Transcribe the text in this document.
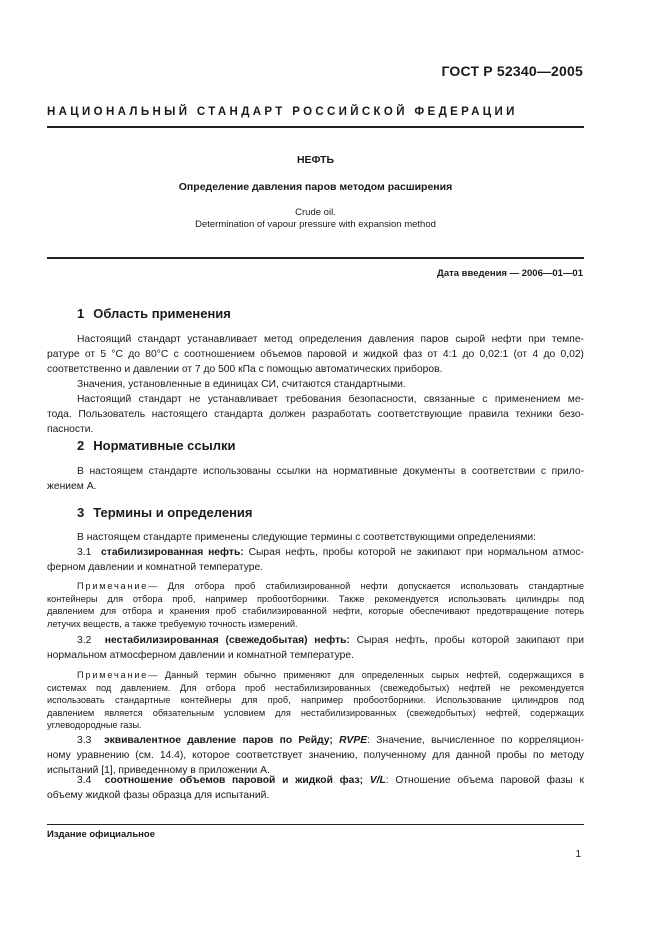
ГОСТ Р 52340—2005
НАЦИОНАЛЬНЫЙ СТАНДАРТ РОССИЙСКОЙ ФЕДЕРАЦИИ
НЕФТЬ
Определение давления паров методом расширения
Crude oil.
Determination of vapour pressure with expansion method
Дата введения — 2006—01—01
1 Область применения
Настоящий стандарт устанавливает метод определения давления паров сырой нефти при темпе-
ратуре от 5 °С до 80°С с соотношением объемов паровой и жидкой фаз от 4:1 до 0,02:1 (от 4 до 0,02)
соответственно и давлении от 7 до 500 кПа с помощью автоматических приборов.
Значения, установленные в единицах СИ, считаются стандартными.
Настоящий стандарт не устанавливает требования безопасности, связанные с применением ме-
тода. Пользователь настоящего стандарта должен разработать соответствующие правила техники безо-
пасности.
2 Нормативные ссылки
В настоящем стандарте использованы ссылки на нормативные документы в соответствии с прило-
жением А.
3 Термины и определения
В настоящем стандарте применены следующие термины с соответствующими определениями:
3.1 стабилизированная нефть: Сырая нефть, пробы которой не закипают при нормальном атмос-
ферном давлении и комнатной температуре.
Примечание— Для отбора проб стабилизированной нефти допускается использовать стандартные
контейнеры для отбора проб, например пробоотборники. Также рекомендуется использовать цилиндры под
давлением для отбора и хранения проб стабилизированной нефти, которые обеспечивают предотвращение потерь
летучих веществ, а также требуемую точность измерений.
3.2 нестабилизированная (свежедобытая) нефть: Сырая нефть, пробы которой закипают при
нормальном атмосферном давлении и комнатной температуре.
Примечание— Данный термин обычно применяют для определенных сырых нефтей, содержащихся в
системах под давлением. Для отбора проб нестабилизированных (свежедобытых) нефтей не рекомендуется
использовать стандартные контейнеры для проб, например пробоотборники. Использование цилиндров под
давлением является обязательным условием для нестабилизированных (свежедобытых) нефтей, содержащих
углеводородные газы.
3.3 эквивалентное давление паров по Рейду; RVPE: Значение, вычисленное по корреляцион-
ному уравнению (см. 14.4), которое соответствует значению, полученному для данной пробы по методу
испытаний [1], приведенному в приложении А.
3.4 соотношение объемов паровой и жидкой фаз; V/L: Отношение объема паровой фазы к
объему жидкой фазы образца для испытаний.
Издание официальное
1
